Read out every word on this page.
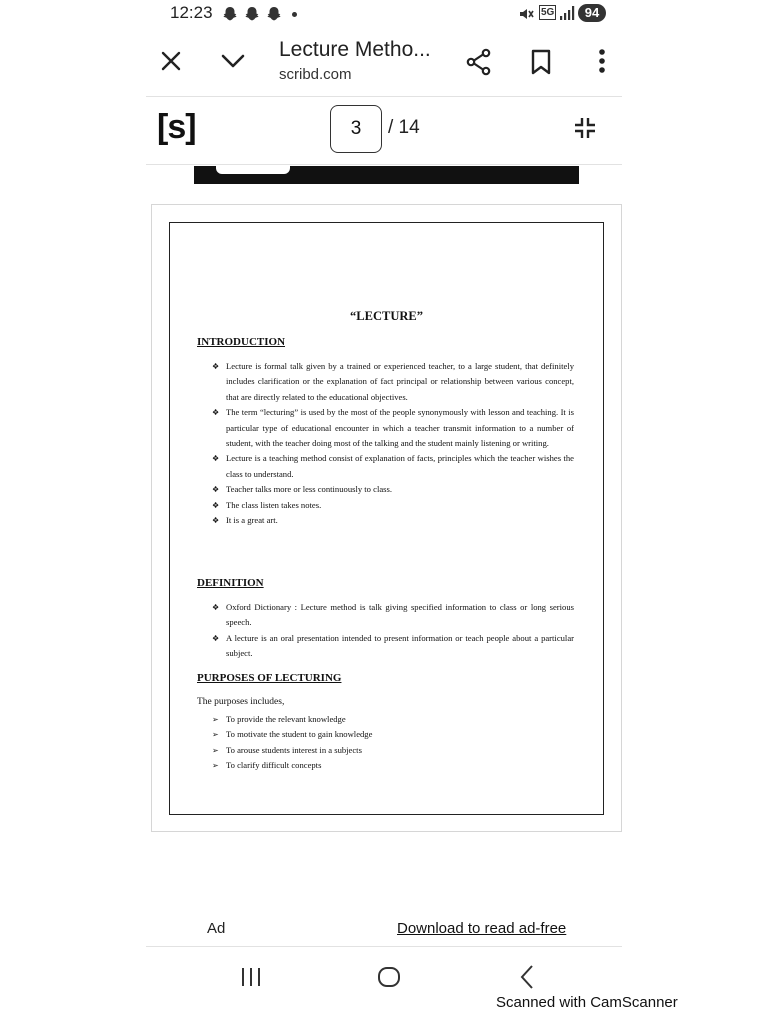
12:23	5G	94
Lecture Metho...
scribd.com
[s]	3	/ 14
“LECTURE”
INTRODUCTION
❖ Lecture is formal talk given by a trained or experienced teacher, to a large student, that definitely includes clarification or the explanation of fact principal or relationship between various concept, that are directly related to the educational objectives.
❖ The term “lecturing” is used by the most of the people synonymously with lesson and teaching. It is particular type of educational encounter in which a teacher transmit information to a number of student, with the teacher doing most of the talking and the student mainly listening or writing.
❖ Lecture is a teaching method consist of explanation of facts, principles which the teacher wishes the class to understand.
❖ Teacher talks more or less continuously to class.
❖ The class listen takes notes.
❖ It is a great art.
DEFINITION
❖ Oxford Dictionary : Lecture method is talk giving specified information to class or long serious speech.
❖ A lecture is an oral presentation intended to present information or teach people about a particular subject.
PURPOSES OF LECTURING
The purposes includes,
➢ To provide the relevant knowledge
➢ To motivate the student to gain knowledge
➢ To arouse students interest in a subjects
➢ To clarify difficult concepts
Ad	Download to read ad-free
Scanned with CamScanner
